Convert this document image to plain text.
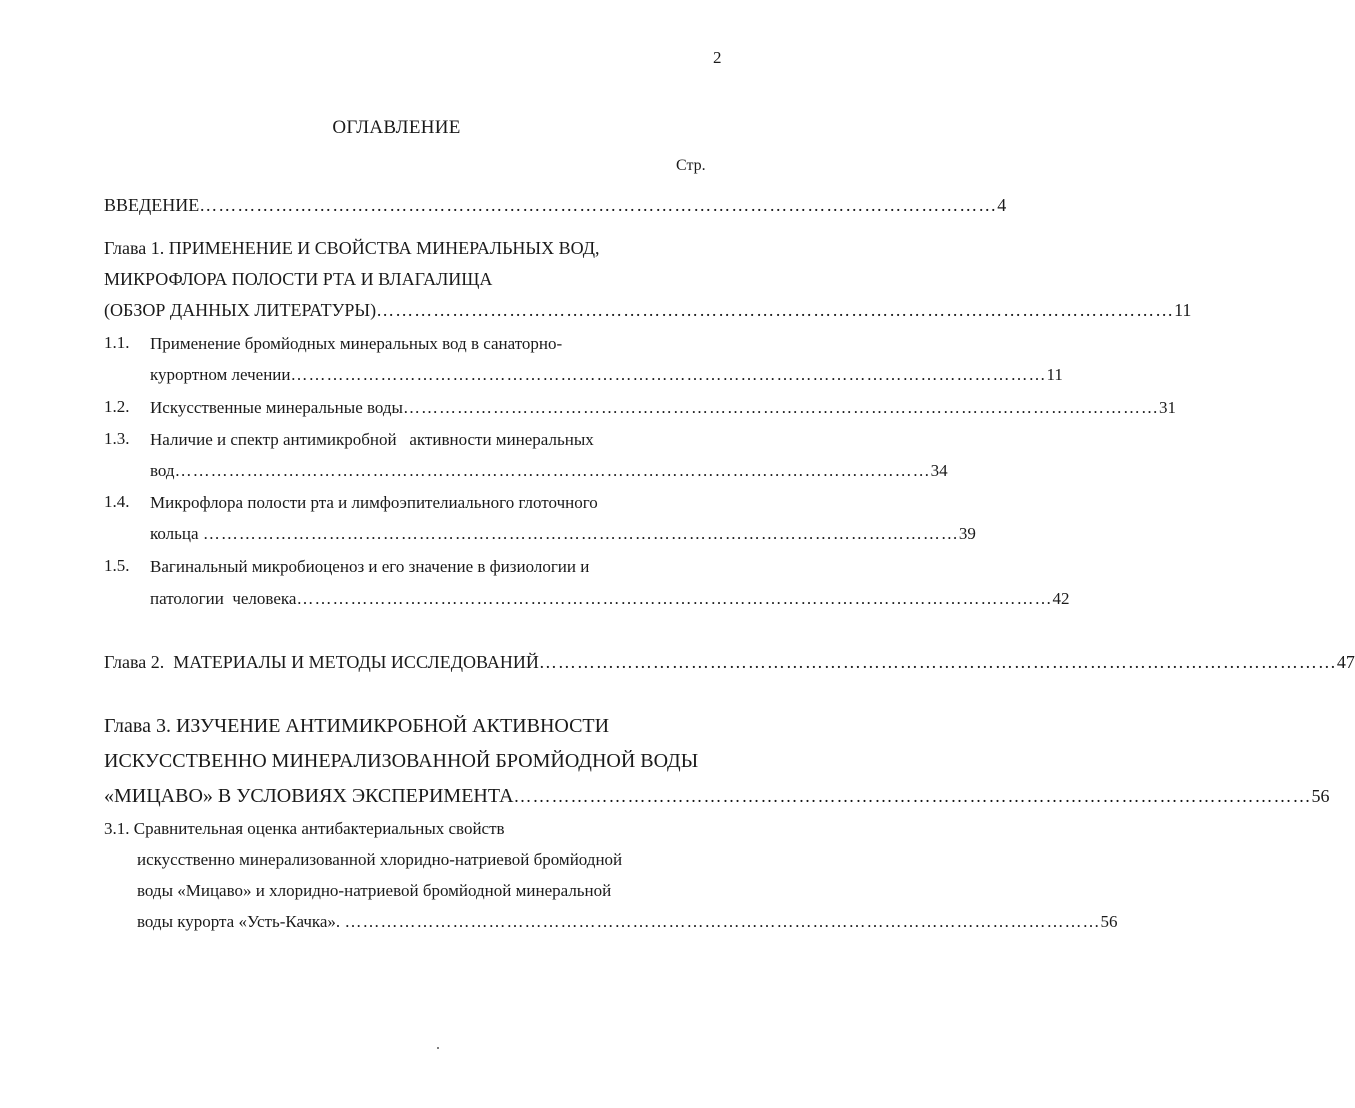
2
ОГЛАВЛЕНИЕ
Стр.
ВВЕДЕНИЕ ……………………………………………………………………………………………………………… 4
Глава 1. ПРИМЕНЕНИЕ И СВОЙСТВА МИНЕРАЛЬНЫХ ВОД,
МИКРОФЛОРА ПОЛОСТИ РТА И ВЛАГАЛИЩА
(ОБЗОР ДАННЫХ ЛИТЕРАТУРЫ) ……………………………………………………………………………………………………………… 11
1.1. Применение бромйодных минеральных вод в санаторно-
курортном лечении ……………………………………………………………………………………………………………… 11
1.2. Искусственные минеральные воды ……………………………………………………………………………………………………………… 31
1.3. Наличие и спектр антимикробной   активности минеральных
вод ……………………………………………………………………………………………………………… 34
1.4. Микрофлора полости рта и лимфоэпителиального глоточного
кольца ……………………………………………………………………………………………………………… 39
1.5. Вагинальный микробиоценоз и его значение в физиологии и
патологии  человека ……………………………………………………………………………………………………………… 42
Глава 2.  МАТЕРИАЛЫ И МЕТОДЫ ИССЛЕДОВАНИЙ ……………………………………………………………………………………………………………… 47
Глава 3. ИЗУЧЕНИЕ АНТИМИКРОБНОЙ АКТИВНОСТИ
ИСКУССТВЕННО МИНЕРАЛИЗОВАННОЙ БРОМЙОДНОЙ ВОДЫ
«МИЦАВО» В УСЛОВИЯХ ЭКСПЕРИМЕНТА ……………………………………………………………………………………………………………… 56
3.1. Сравнительная оценка антибактериальных свойств
искусственно минерализованной хлоридно-натриевой бромйодной
воды «Мицаво» и хлоридно-натриевой бромйодной минеральной
воды курорта «Усть-Качка». ……………………………………………………………………………………………………………… 56
